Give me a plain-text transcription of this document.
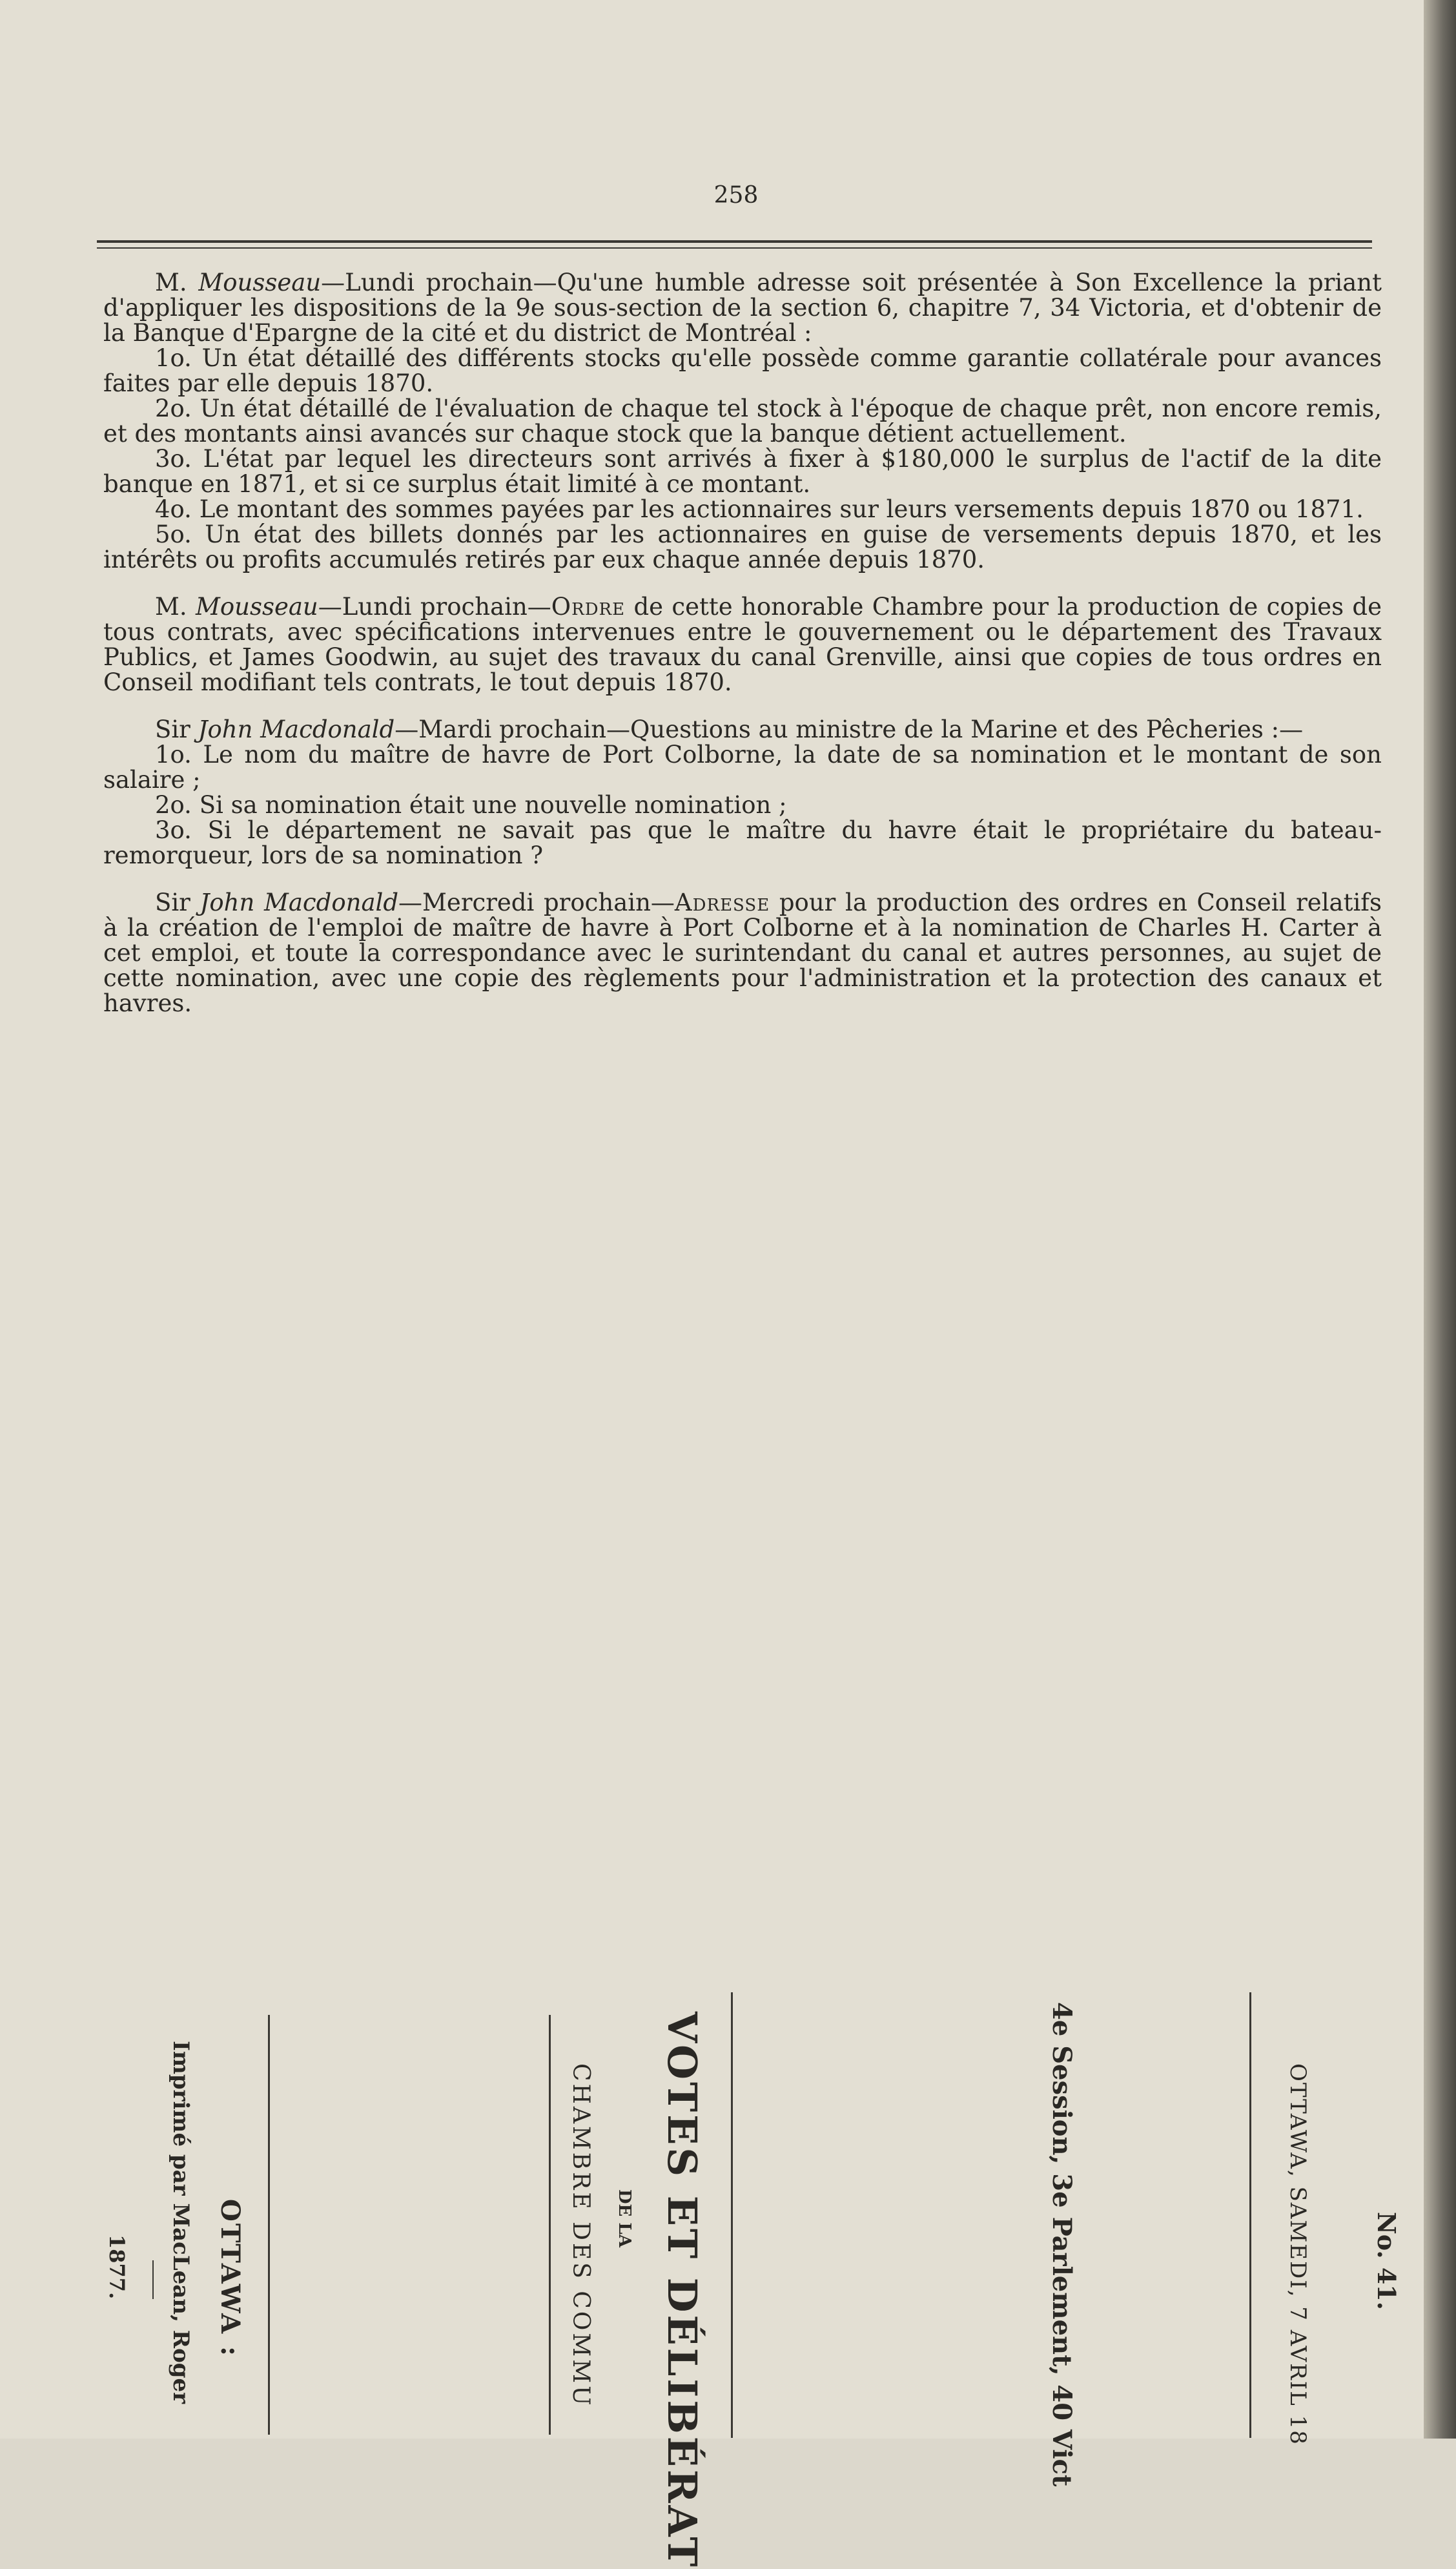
258

M. Mousseau—Lundi prochain—Qu'une humble adresse soit présentée à Son Excellence la priant d'appliquer les dispositions de la 9e sous-section de la section 6, chapitre 7, 34 Victoria, et d'obtenir de la Banque d'Epargne de la cité et du district de Montréal :

1o. Un état détaillé des différents stocks qu'elle possède comme garantie collatérale pour avances faites par elle depuis 1870.

2o. Un état détaillé de l'évaluation de chaque tel stock à l'époque de chaque prêt, non encore remis, et des montants ainsi avancés sur chaque stock que la banque détient actuellement.

3o. L'état par lequel les directeurs sont arrivés à fixer à $180,000 le surplus de l'actif de la dite banque en 1871, et si ce surplus était limité à ce montant.

4o. Le montant des sommes payées par les actionnaires sur leurs versements depuis 1870 ou 1871.

5o. Un état des billets donnés par les actionnaires en guise de versements depuis 1870, et les intérêts ou profits accumulés retirés par eux chaque année depuis 1870.

M. Mousseau—Lundi prochain—Ordre de cette honorable Chambre pour la production de copies de tous contrats, avec spécifications intervenues entre le gouvernement ou le département des Travaux Publics, et James Goodwin, au sujet des travaux du canal Grenville, ainsi que copies de tous ordres en Conseil modifiant tels contrats, le tout depuis 1870.

Sir John Macdonald—Mardi prochain—Questions au ministre de la Marine et des Pêcheries :—

1o. Le nom du maître de havre de Port Colborne, la date de sa nomination et le montant de son salaire ;

2o. Si sa nomination était une nouvelle nomination ;

3o. Si le département ne savait pas que le maître du havre était le propriétaire du bateau-remorqueur, lors de sa nomination ?

Sir John Macdonald—Mercredi prochain—Adresse pour la production des ordres en Conseil relatifs à la création de l'emploi de maître de havre à Port Colborne et à la nomination de Charles H. Carter à cet emploi, et toute la correspondance avec le surintendant du canal et autres personnes, au sujet de cette nomination, avec une copie des règlements pour l'administration et la protection des canaux et havres.

No. 41.
OTTAWA, SAMEDI, 7 AVRIL 18
4e Session, 3e Parlement, 40 Vict
VOTES ET DÉLIBÉRAT
DE LA
CHAMBRE DES COMMU
OTTAWA :
Imprimé par MacLean, Roger
1877.
